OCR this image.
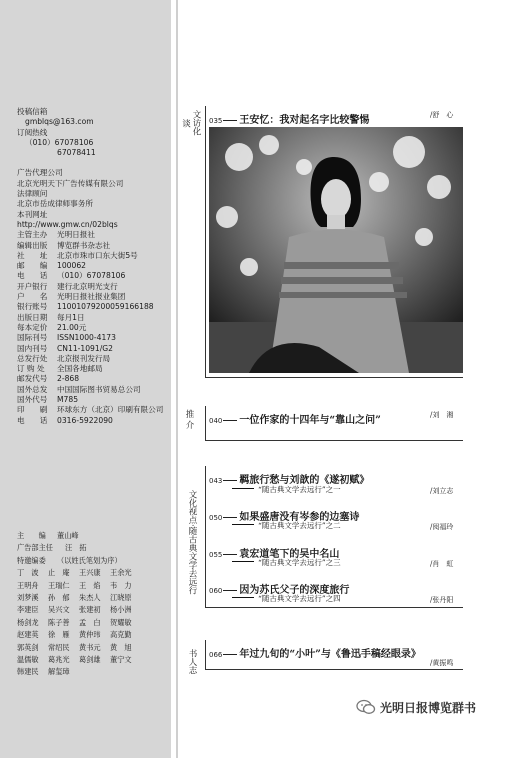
投稿信箱
gmblqs@163.com
订阅热线
（010）67078106
67078411
广告代理公司
北京光明天下广告传媒有限公司
法律顾问
北京市岳成律师事务所
本刊网址
http://www.gmw.cn/02blqs
主管主办 光明日报社
编辑出版 博览群书杂志社
社　　址 北京市珠市口东大街5号
邮　　编 100062
电　　话 （010）67078106
开户银行 建行北京明光支行
户　　名 光明日报社报业集团
银行账号 11001079200059166188
出版日期 每月1日
每本定价 21.00元
国际刊号 ISSN1000-4173
国内刊号 CN11-1091/G2
总发行处 北京报刊发行局
订 购 处 全国各地邮局
邮发代号 2-868
国外总发 中国国际图书贸易总公司
国外代号 M785
印　　刷 环球东方（北京）印刷有限公司
电　　话 0316-5922090
主　　编 董山峰
广告部主任 汪　拓
特邀编委 （以姓氏笔划为序）
丁　波 止　庵 王兴康 王余光
王明舟 王瑞仁 王　焰 韦　力
刘梦溪 孙　郁 朱杰人 江晓原
李建臣 吴兴文 张建初 杨小洲
杨剑龙 陈子善 孟　白 贺耀敏
赵建英 徐　雁 黄仲玮 高克勤
郭英剑 常绍民 黄书元 黄　旭
温儒敏 葛兆光 葛剑雄 董宁文
韩建民 解玺璋
文访化谈	035 王安忆：我对起名字比较警惕	/舒　心
推介	040 一位作家的十四年与“靠山之问”	/刘　湘
文化视点·随古典文学去远行
043 羁旅行愁与刘歆的《遂初赋》
“随古典文学去远行”之一	/刘立志
050 如果盛唐没有岑参的边塞诗
“随古典文学去远行”之二	/阅福玲
055 袁宏道笔下的吴中名山
“随古典文学去远行”之三	/肖　虹
060 因为苏氏父子的深度旅行
“随古典文学去远行”之四	/张丹阳
书人志 066 年过九旬的“小叶”与《鲁迅手稿经眼录》
/黄振鸣
光明日报博览群书
